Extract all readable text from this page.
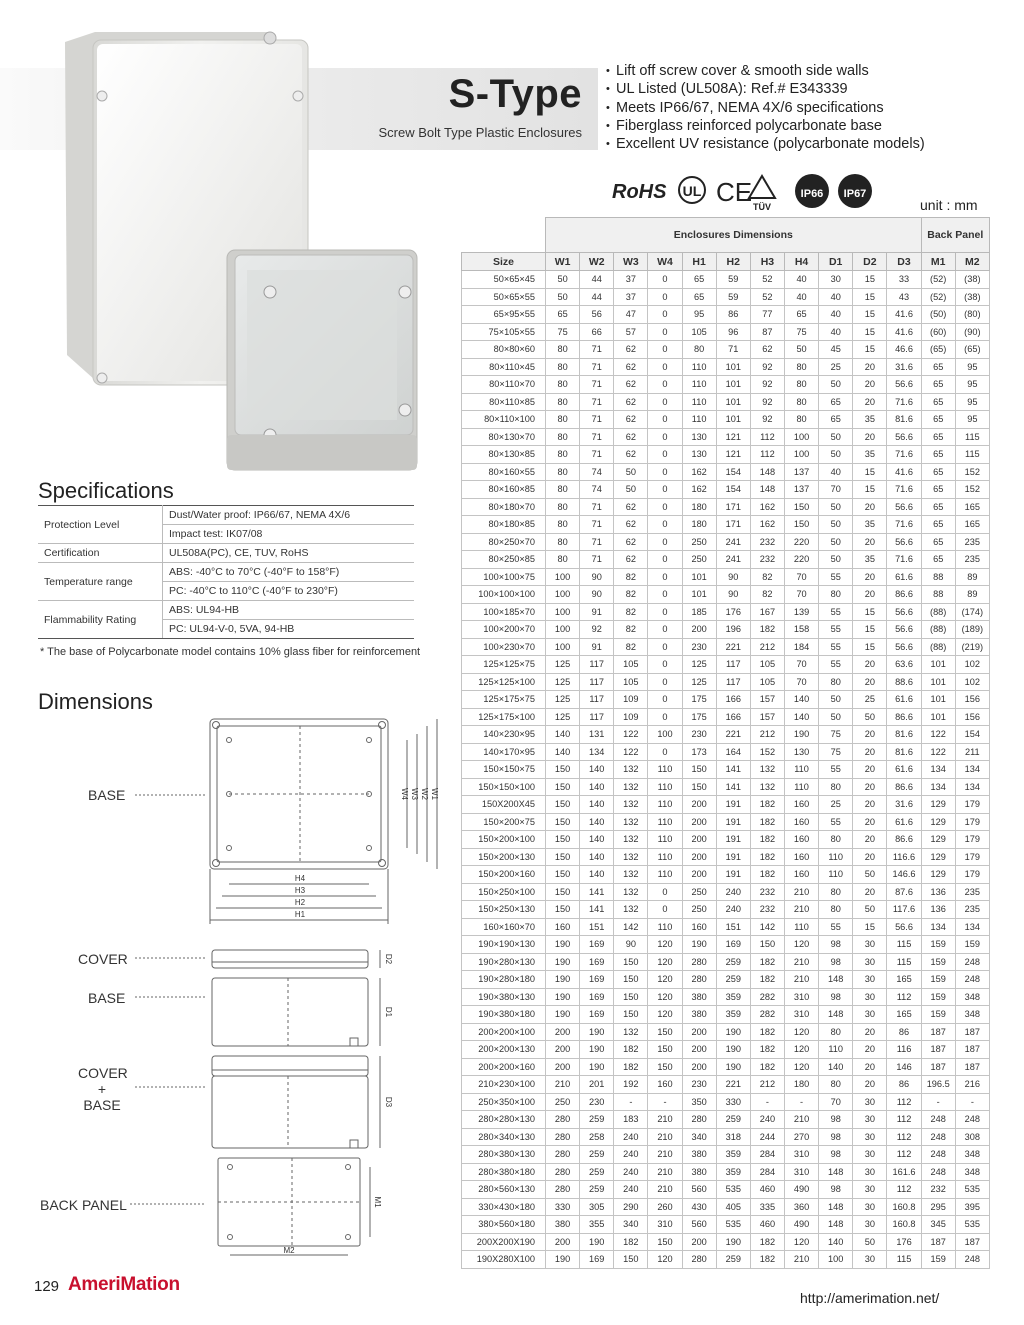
S-Type
Screw Bolt Type Plastic Enclosures
• Lift off screw cover & smooth side walls
• UL Listed (UL508A): Ref.# E343339
• Meets IP66/67, NEMA 4X/6 specifications
• Fiberglass reinforced polycarbonate base
• Excellent UV resistance (polycarbonate models)
RoHS UL CE TÜV
IP66 IP67
unit : mm
Specifications
Protection Level	Dust/Water proof: IP66/67, NEMA 4X/6
	Impact test: IK07/08
Certification	UL508A(PC), CE, TUV, RoHS
Temperature range	ABS: -40°C to 70°C (-40°F to 158°F)
	PC: -40°C to 110°C (-40°F to 230°F)
Flammability Rating	ABS: UL94-HB
	PC: UL94-V-0, 5VA, 94-HB
* The base of Polycarbonate model contains 10% glass fiber for reinforcement
Dimensions
BASE
COVER
BASE
COVER
+
BASE
BACK PANEL
W1
W2
W3
W4
H4
H3
H2
H1
D2
D1
D3
M1
M2
	Enclosures Dimensions											Back Panel	
Size	W1	W2	W3	W4	H1	H2	H3	H4	D1	D2	D3	M1	M2
50×65×45	50	44	37	0	65	59	52	40	30	15	33	(52)	(38)
50×65×55	50	44	37	0	65	59	52	40	40	15	43	(52)	(38)
65×95×55	65	56	47	0	95	86	77	65	40	15	41.6	(50)	(80)
75×105×55	75	66	57	0	105	96	87	75	40	15	41.6	(60)	(90)
80×80×60	80	71	62	0	80	71	62	50	45	15	46.6	(65)	(65)
80×110×45	80	71	62	0	110	101	92	80	25	20	31.6	65	95
80×110×70	80	71	62	0	110	101	92	80	50	20	56.6	65	95
80×110×85	80	71	62	0	110	101	92	80	65	20	71.6	65	95
80×110×100	80	71	62	0	110	101	92	80	65	35	81.6	65	95
80×130×70	80	71	62	0	130	121	112	100	50	20	56.6	65	115
80×130×85	80	71	62	0	130	121	112	100	50	35	71.6	65	115
80×160×55	80	74	50	0	162	154	148	137	40	15	41.6	65	152
80×160×85	80	74	50	0	162	154	148	137	70	15	71.6	65	152
80×180×70	80	71	62	0	180	171	162	150	50	20	56.6	65	165
80×180×85	80	71	62	0	180	171	162	150	50	35	71.6	65	165
80×250×70	80	71	62	0	250	241	232	220	50	20	56.6	65	235
80×250×85	80	71	62	0	250	241	232	220	50	35	71.6	65	235
100×100×75	100	90	82	0	101	90	82	70	55	20	61.6	88	89
100×100×100	100	90	82	0	101	90	82	70	80	20	86.6	88	89
100×185×70	100	91	82	0	185	176	167	139	55	15	56.6	(88)	(174)
100×200×70	100	92	82	0	200	196	182	158	55	15	56.6	(88)	(189)
100×230×70	100	91	82	0	230	221	212	184	55	15	56.6	(88)	(219)
125×125×75	125	117	105	0	125	117	105	70	55	20	63.6	101	102
125×125×100	125	117	105	0	125	117	105	70	80	20	88.6	101	102
125×175×75	125	117	109	0	175	166	157	140	50	25	61.6	101	156
125×175×100	125	117	109	0	175	166	157	140	50	50	86.6	101	156
140×230×95	140	131	122	100	230	221	212	190	75	20	81.6	122	154
140×170×95	140	134	122	0	173	164	152	130	75	20	81.6	122	211
150×150×75	150	140	132	110	150	141	132	110	55	20	61.6	134	134
150×150×100	150	140	132	110	150	141	132	110	80	20	86.6	134	134
150X200X45	150	140	132	110	200	191	182	160	25	20	31.6	129	179
150×200×75	150	140	132	110	200	191	182	160	55	20	61.6	129	179
150×200×100	150	140	132	110	200	191	182	160	80	20	86.6	129	179
150×200×130	150	140	132	110	200	191	182	160	110	20	116.6	129	179
150×200×160	150	140	132	110	200	191	182	160	110	50	146.6	129	179
150×250×100	150	141	132	0	250	240	232	210	80	20	87.6	136	235
150×250×130	150	141	132	0	250	240	232	210	80	50	117.6	136	235
160×160×70	160	151	142	110	160	151	142	110	55	15	56.6	134	134
190×190×130	190	169	90	120	190	169	150	120	98	30	115	159	159
190×280×130	190	169	150	120	280	259	182	210	98	30	115	159	248
190×280×180	190	169	150	120	280	259	182	210	148	30	165	159	248
190×380×130	190	169	150	120	380	359	282	310	98	30	112	159	348
190×380×180	190	169	150	120	380	359	282	310	148	30	165	159	348
200×200×100	200	190	132	150	200	190	182	120	80	20	86	187	187
200×200×130	200	190	182	150	200	190	182	120	110	20	116	187	187
200×200×160	200	190	182	150	200	190	182	120	140	20	146	187	187
210×230×100	210	201	192	160	230	221	212	180	80	20	86	196.5	216
250×350×100	250	230	-	-	350	330	-	-	70	30	112	-	-
280×280×130	280	259	183	210	280	259	240	210	98	30	112	248	248
280×340×130	280	258	240	210	340	318	244	270	98	30	112	248	308
280×380×130	280	259	240	210	380	359	284	310	98	30	112	248	348
280×380×180	280	259	240	210	380	359	284	310	148	30	161.6	248	348
280×560×130	280	259	240	210	560	535	460	490	98	30	112	232	535
330×430×180	330	305	290	260	430	405	335	360	148	30	160.8	295	395
380×560×180	380	355	340	310	560	535	460	490	148	30	160.8	345	535
200X200X190	200	190	182	150	200	190	182	120	140	50	176	187	187
190X280X100	190	169	150	120	280	259	182	210	100	30	115	159	248
129 AmeriMation
http://amerimation.net/
